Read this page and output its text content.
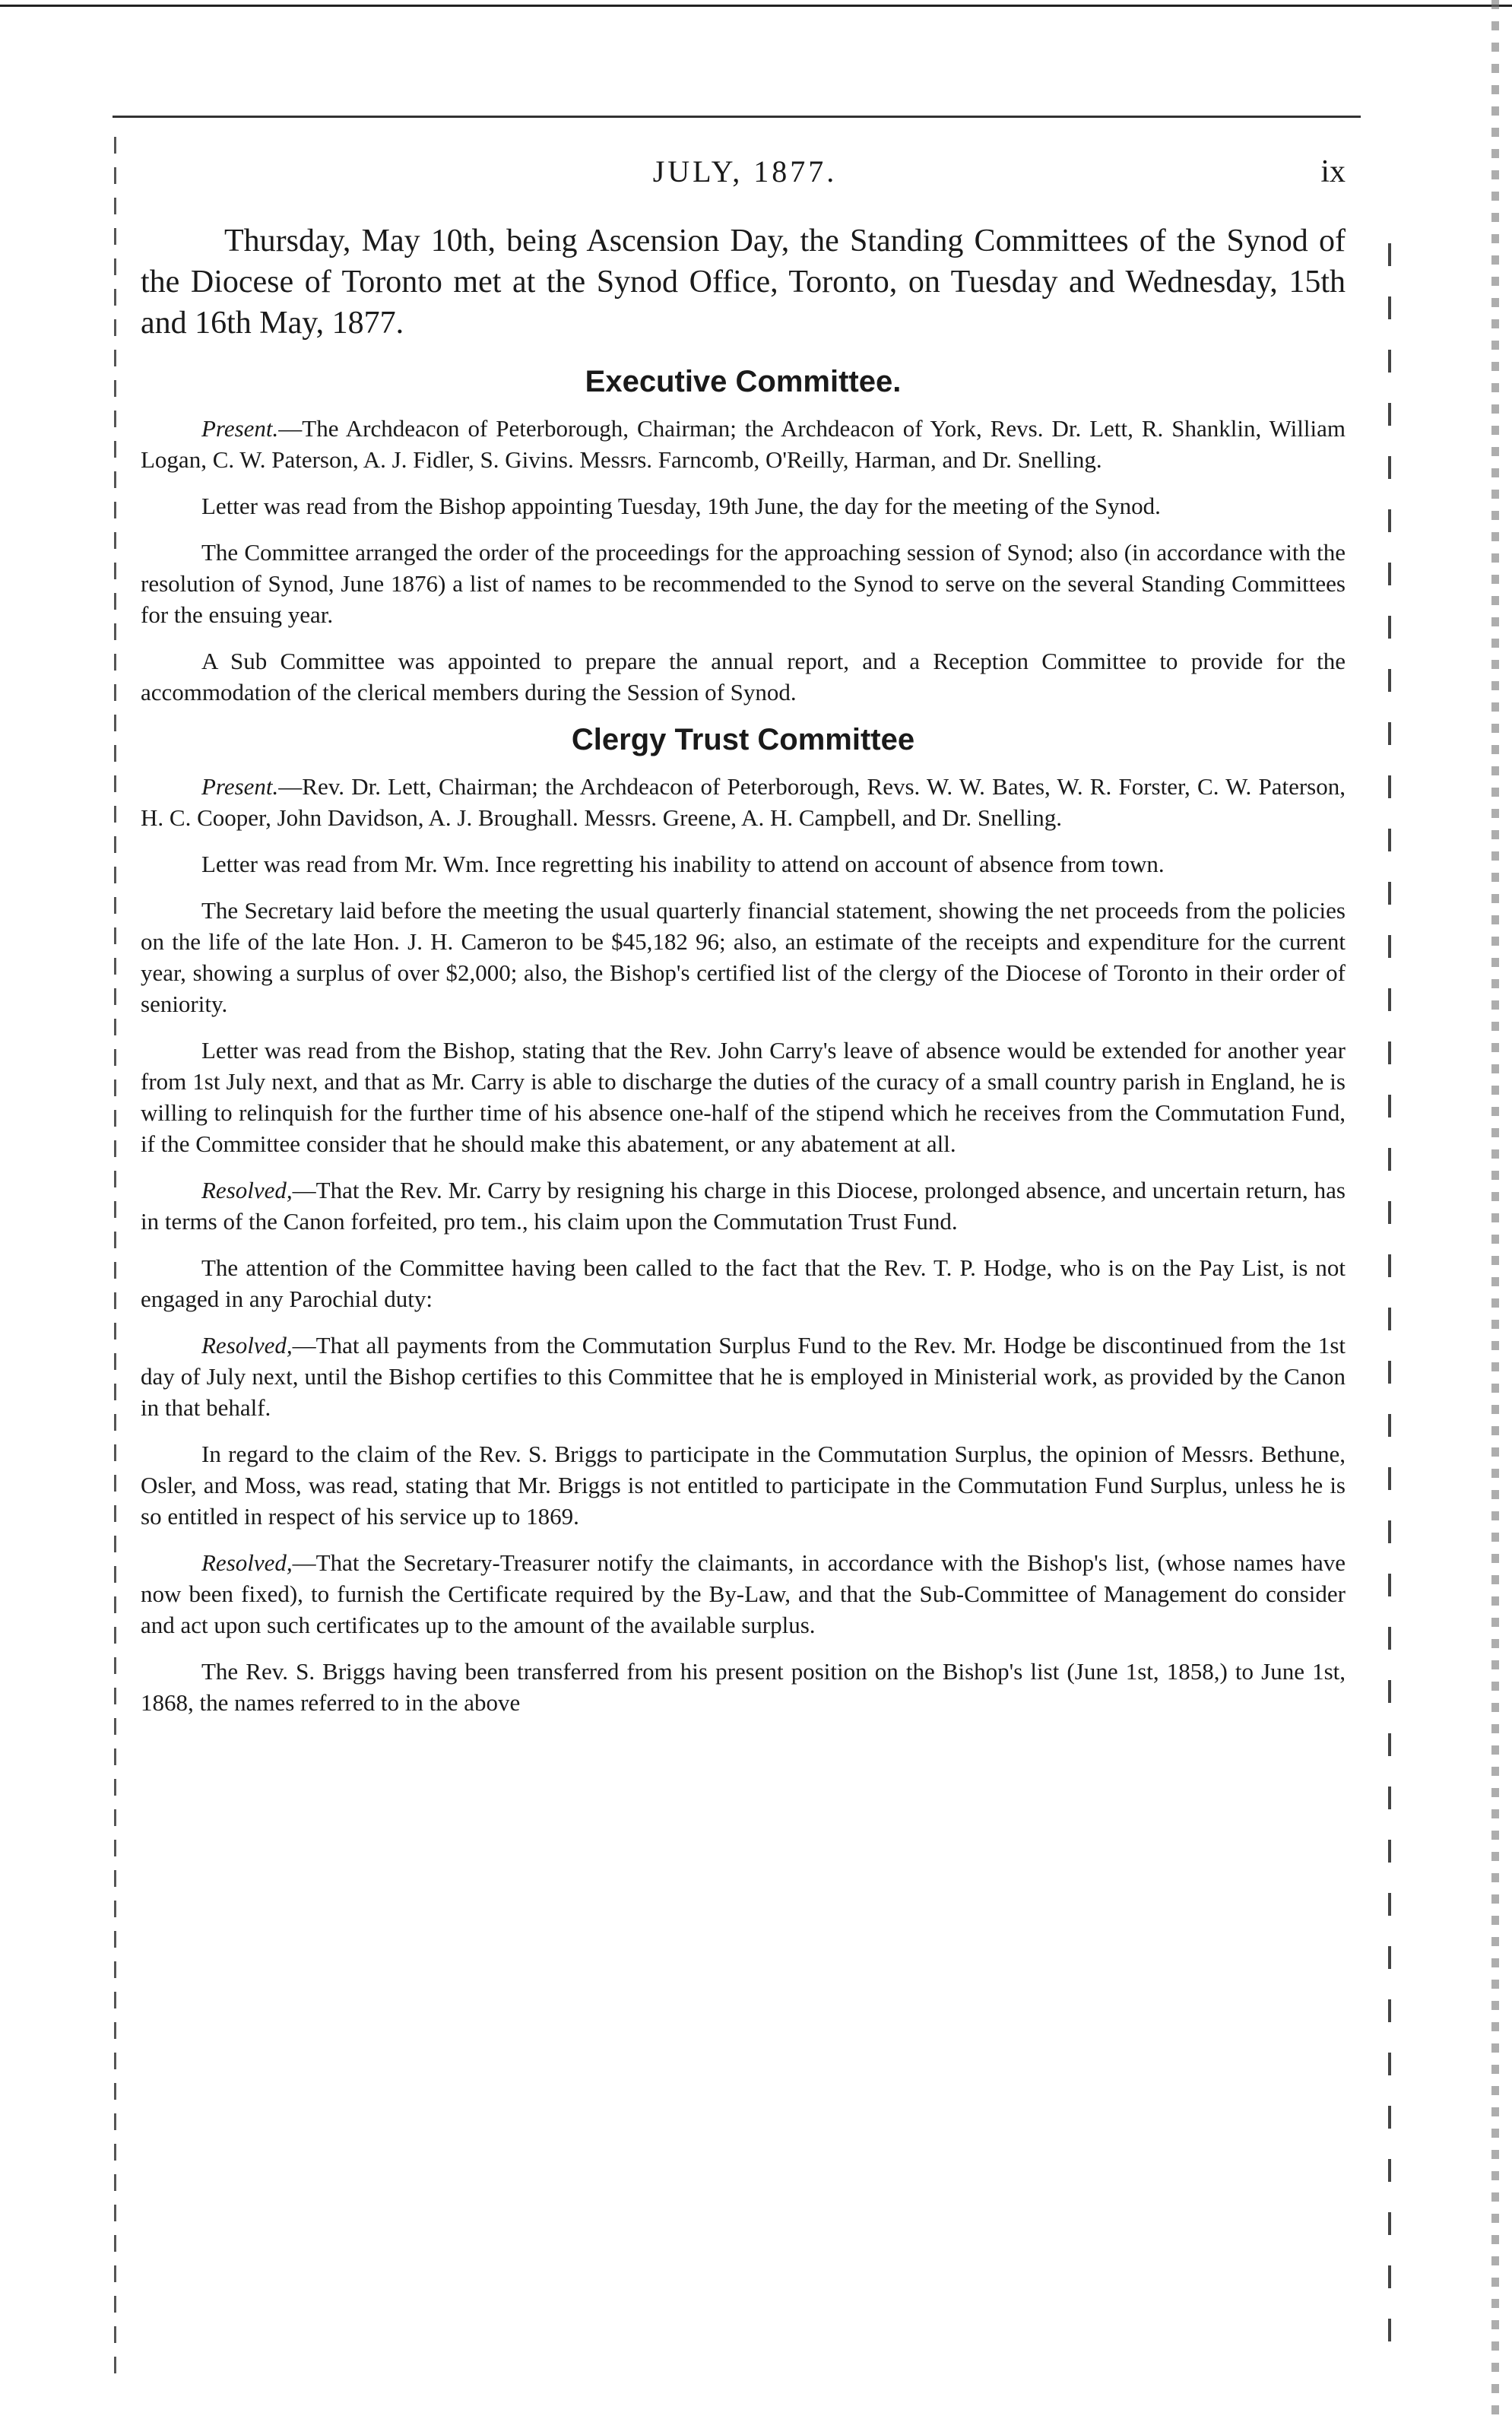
JULY, 1877.	ix

Thursday, May 10th, being Ascension Day, the Standing Committees of the Synod of the Diocese of Toronto met at the Synod Office, Toronto, on Tuesday and Wednesday, 15th and 16th May, 1877.

Executive Committee.

Present.—The Archdeacon of Peterborough, Chairman; the Archdeacon of York, Revs. Dr. Lett, R. Shanklin, William Logan, C. W. Paterson, A. J. Fidler, S. Givins. Messrs. Farncomb, O'Reilly, Harman, and Dr. Snelling.

Letter was read from the Bishop appointing Tuesday, 19th June, the day for the meeting of the Synod.

The Committee arranged the order of the proceedings for the approaching session of Synod; also (in accordance with the resolution of Synod, June 1876) a list of names to be recommended to the Synod to serve on the several Standing Committees for the ensuing year.

A Sub Committee was appointed to prepare the annual report, and a Reception Committee to provide for the accommodation of the clerical members during the Session of Synod.

Clergy Trust Committee

Present.—Rev. Dr. Lett, Chairman; the Archdeacon of Peterborough, Revs. W. W. Bates, W. R. Forster, C. W. Paterson, H. C. Cooper, John Davidson, A. J. Broughall. Messrs. Greene, A. H. Campbell, and Dr. Snelling.

Letter was read from Mr. Wm. Ince regretting his inability to attend on account of absence from town.

The Secretary laid before the meeting the usual quarterly financial statement, showing the net proceeds from the policies on the life of the late Hon. J. H. Cameron to be $45,182 96; also, an estimate of the receipts and expenditure for the current year, showing a surplus of over $2,000; also, the Bishop's certified list of the clergy of the Diocese of Toronto in their order of seniority.

Letter was read from the Bishop, stating that the Rev. John Carry's leave of absence would be extended for another year from 1st July next, and that as Mr. Carry is able to discharge the duties of the curacy of a small country parish in England, he is willing to relinquish for the further time of his absence one-half of the stipend which he receives from the Commutation Fund, if the Committee consider that he should make this abatement, or any abatement at all.

Resolved,—That the Rev. Mr. Carry by resigning his charge in this Diocese, prolonged absence, and uncertain return, has in terms of the Canon forfeited, pro tem., his claim upon the Commutation Trust Fund.

The attention of the Committee having been called to the fact that the Rev. T. P. Hodge, who is on the Pay List, is not engaged in any Parochial duty:

Resolved,—That all payments from the Commutation Surplus Fund to the Rev. Mr. Hodge be discontinued from the 1st day of July next, until the Bishop certifies to this Committee that he is employed in Ministerial work, as provided by the Canon in that behalf.

In regard to the claim of the Rev. S. Briggs to participate in the Commutation Surplus, the opinion of Messrs. Bethune, Osler, and Moss, was read, stating that Mr. Briggs is not entitled to participate in the Commutation Fund Surplus, unless he is so entitled in respect of his service up to 1869.

Resolved,—That the Secretary-Treasurer notify the claimants, in accordance with the Bishop's list, (whose names have now been fixed), to furnish the Certificate required by the By-Law, and that the Sub-Committee of Management do consider and act upon such certificates up to the amount of the available surplus.

The Rev. S. Briggs having been transferred from his present position on the Bishop's list (June 1st, 1858,) to June 1st, 1868, the names referred to in the above
